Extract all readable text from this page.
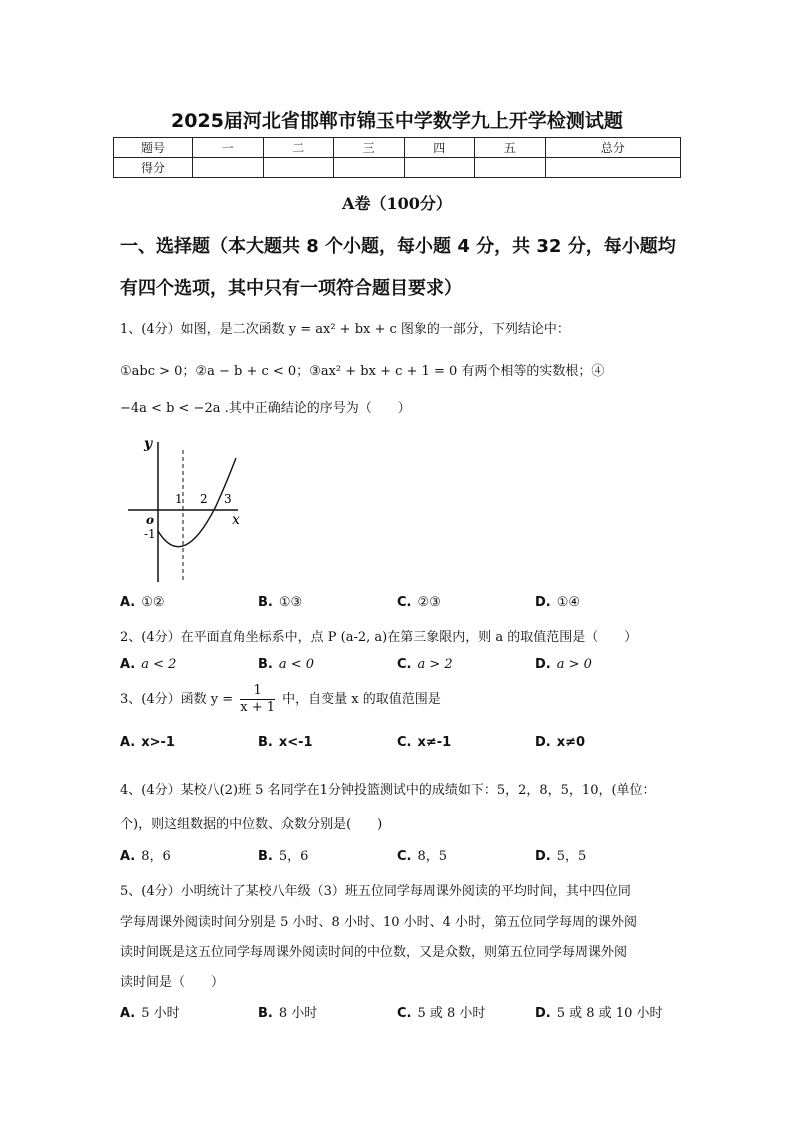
2025届河北省邯郸市锦玉中学数学九上开学检测试题
题号	一	二	三	四	五	总分
得分						
A卷（100分）
一、选择题（本大题共 8 个小题，每小题 4 分，共 32 分，每小题均
有四个选项，其中只有一项符合题目要求）
1、(4分）如图，是二次函数 y = ax² + bx + c 图象的一部分，下列结论中：
①abc > 0；②a − b + c < 0；③ax² + bx + c + 1 = 0 有两个相等的实数根；④
−4a < b < −2a .其中正确结论的序号为（　　）
y
x
o
1 2 3
-1
A. ①②	B. ①③	C. ②③	D. ①④
2、(4分）在平面直角坐标系中，点 P (a-2, a)在第三象限内，则 a 的取值范围是（　　）
A. a < 2	B. a < 0	C. a > 2	D. a > 0
3、(4分）函数 $y = \frac{1}{x + 1}$ 中，自变量 x 的取值范围是
A. x>-1	B. x<-1	C. x≠-1	D. x≠0
4、(4分）某校八(2)班 5 名同学在1分钟投篮测试中的成绩如下：5，2，8，5，10，(单位：
个)，则这组数据的中位数、众数分别是(　　)
A. 8，6	B. 5，6	C. 8，5	D. 5，5
5、(4分）小明统计了某校八年级（3）班五位同学每周课外阅读的平均时间，其中四位同
学每周课外阅读时间分别是 5 小时、8 小时、10 小时、4 小时，第五位同学每周的课外阅
读时间既是这五位同学每周课外阅读时间的中位数，又是众数，则第五位同学每周课外阅
读时间是（　　）
A. 5 小时	B. 8 小时	C. 5 或 8 小时	D. 5 或 8 或 10 小时
